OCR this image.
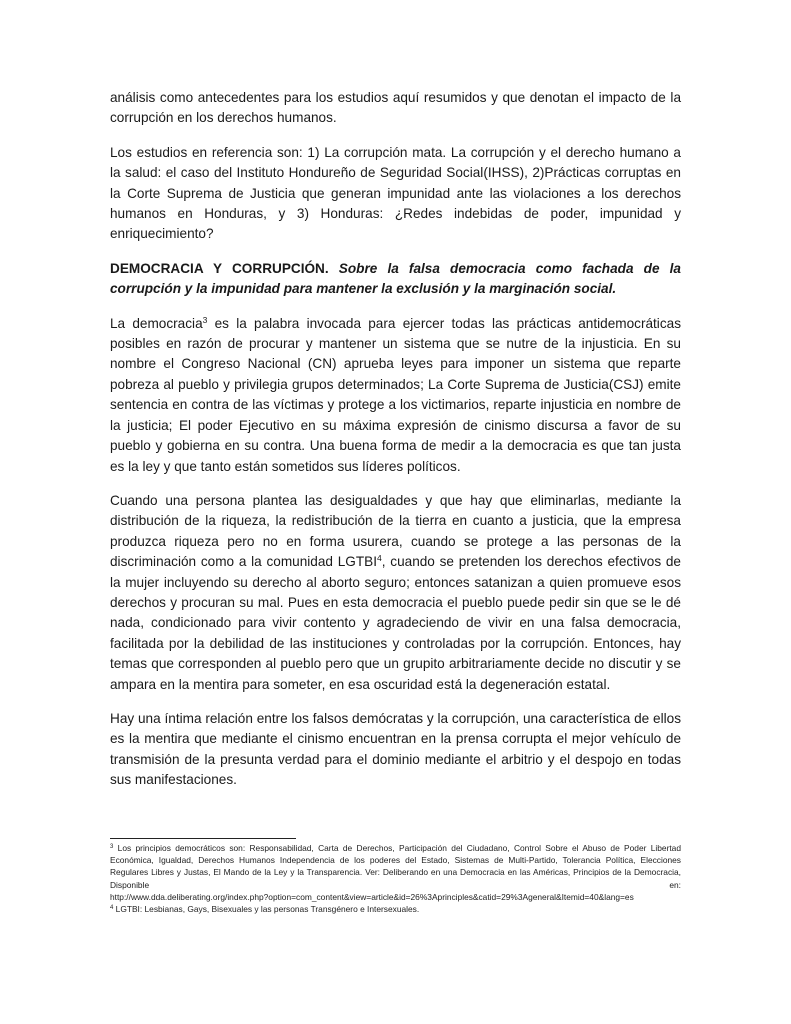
análisis como antecedentes para los estudios aquí resumidos y que denotan el impacto de la corrupción en los derechos humanos.

Los estudios en referencia son: 1) La corrupción mata. La corrupción y el derecho humano a la salud: el caso del Instituto Hondureño de Seguridad Social(IHSS), 2)Prácticas corruptas en la Corte Suprema de Justicia que generan impunidad ante las violaciones a los derechos humanos en Honduras, y 3) Honduras: ¿Redes indebidas de poder, impunidad y enriquecimiento?

DEMOCRACIA Y CORRUPCIÓN. Sobre la falsa democracia como fachada de la corrupción y la impunidad para mantener la exclusión y la marginación social.

La democracia$^3$ es la palabra invocada para ejercer todas las prácticas antidemocráticas posibles en razón de procurar y mantener un sistema que se nutre de la injusticia. En su nombre el Congreso Nacional (CN) aprueba leyes para imponer un sistema que reparte pobreza al pueblo y privilegia grupos determinados; La Corte Suprema de Justicia(CSJ) emite sentencia en contra de las víctimas y protege a los victimarios, reparte injusticia en nombre de la justicia; El poder Ejecutivo en su máxima expresión de cinismo discursa a favor de su pueblo y gobierna en su contra. Una buena forma de medir a la democracia es que tan justa es la ley y que tanto están sometidos sus líderes políticos.

Cuando una persona plantea las desigualdades y que hay que eliminarlas, mediante la distribución de la riqueza, la redistribución de la tierra en cuanto a justicia, que la empresa produzca riqueza pero no en forma usurera, cuando se protege a las personas de la discriminación como a la comunidad LGTBI$^4$, cuando se pretenden los derechos efectivos de la mujer incluyendo su derecho al aborto seguro; entonces satanizan a quien promueve esos derechos y procuran su mal. Pues en esta democracia el pueblo puede pedir sin que se le dé nada, condicionado para vivir contento y agradeciendo de vivir en una falsa democracia, facilitada por la debilidad de las instituciones y controladas por la corrupción. Entonces, hay temas que corresponden al pueblo pero que un grupito arbitrariamente decide no discutir y se ampara en la mentira para someter, en esa oscuridad está la degeneración estatal.

Hay una íntima relación entre los falsos demócratas y la corrupción, una característica de ellos es la mentira que mediante el cinismo encuentran en la prensa corrupta el mejor vehículo de transmisión de la presunta verdad para el dominio mediante el arbitrio y el despojo en todas sus manifestaciones.

$^3$ Los principios democráticos son: Responsabilidad, Carta de Derechos, Participación del Ciudadano, Control Sobre el Abuso de Poder Libertad Económica, Igualdad, Derechos Humanos Independencia de los poderes del Estado, Sistemas de Multi-Partido, Tolerancia Política, Elecciones Regulares Libres y Justas, El Mando de la Ley y la Transparencia. Ver: Deliberando en una Democracia en las Américas, Principios de la Democracia, Disponible en:

http://www.dda.deliberating.org/index.php?option=com_content&view=article&id=26%3Aprinciples&catid=29%3Ageneral&Itemid=40&lang=es

$^4$ LGTBI: Lesbianas, Gays, Bisexuales y las personas Transgénero e Intersexuales.
